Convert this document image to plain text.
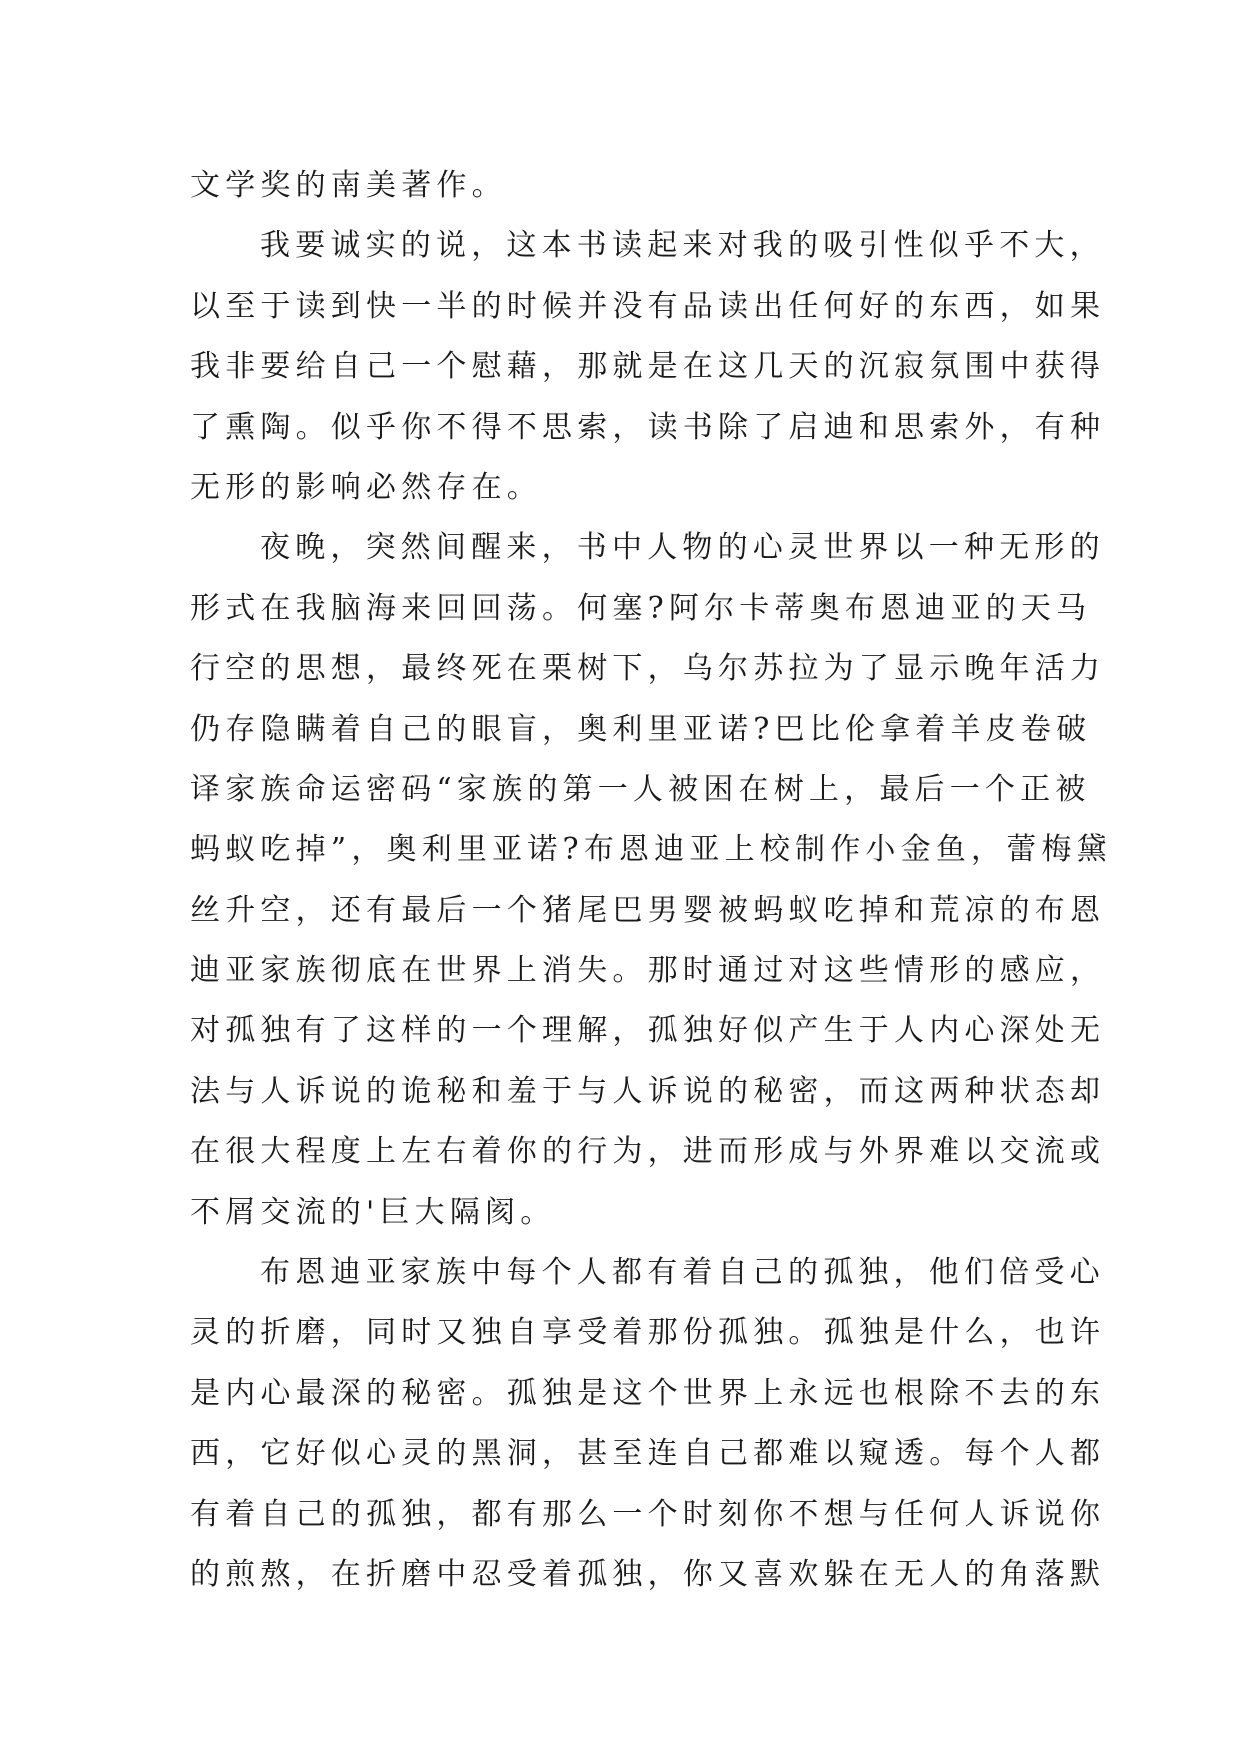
文学奖的南美著作。
我要诚实的说，这本书读起来对我的吸引性似乎不大，
以至于读到快一半的时候并没有品读出任何好的东西，如果
我非要给自己一个慰藉，那就是在这几天的沉寂氛围中获得
了熏陶。似乎你不得不思索，读书除了启迪和思索外，有种
无形的影响必然存在。
夜晚，突然间醒来，书中人物的心灵世界以一种无形的
形式在我脑海来回回荡。何塞?阿尔卡蒂奥布恩迪亚的天马
行空的思想，最终死在栗树下，乌尔苏拉为了显示晚年活力
仍存隐瞒着自己的眼盲，奥利里亚诺?巴比伦拿着羊皮卷破
译家族命运密码“家族的第一人被困在树上，最后一个正被
蚂蚁吃掉”，奥利里亚诺?布恩迪亚上校制作小金鱼，蕾梅黛
丝升空，还有最后一个猪尾巴男婴被蚂蚁吃掉和荒凉的布恩
迪亚家族彻底在世界上消失。那时通过对这些情形的感应，
对孤独有了这样的一个理解，孤独好似产生于人内心深处无
法与人诉说的诡秘和羞于与人诉说的秘密，而这两种状态却
在很大程度上左右着你的行为，进而形成与外界难以交流或
不屑交流的'巨大隔阂。
布恩迪亚家族中每个人都有着自己的孤独，他们倍受心
灵的折磨，同时又独自享受着那份孤独。孤独是什么，也许
是内心最深的秘密。孤独是这个世界上永远也根除不去的东
西，它好似心灵的黑洞，甚至连自己都难以窥透。每个人都
有着自己的孤独，都有那么一个时刻你不想与任何人诉说你
的煎熬，在折磨中忍受着孤独，你又喜欢躲在无人的角落默
